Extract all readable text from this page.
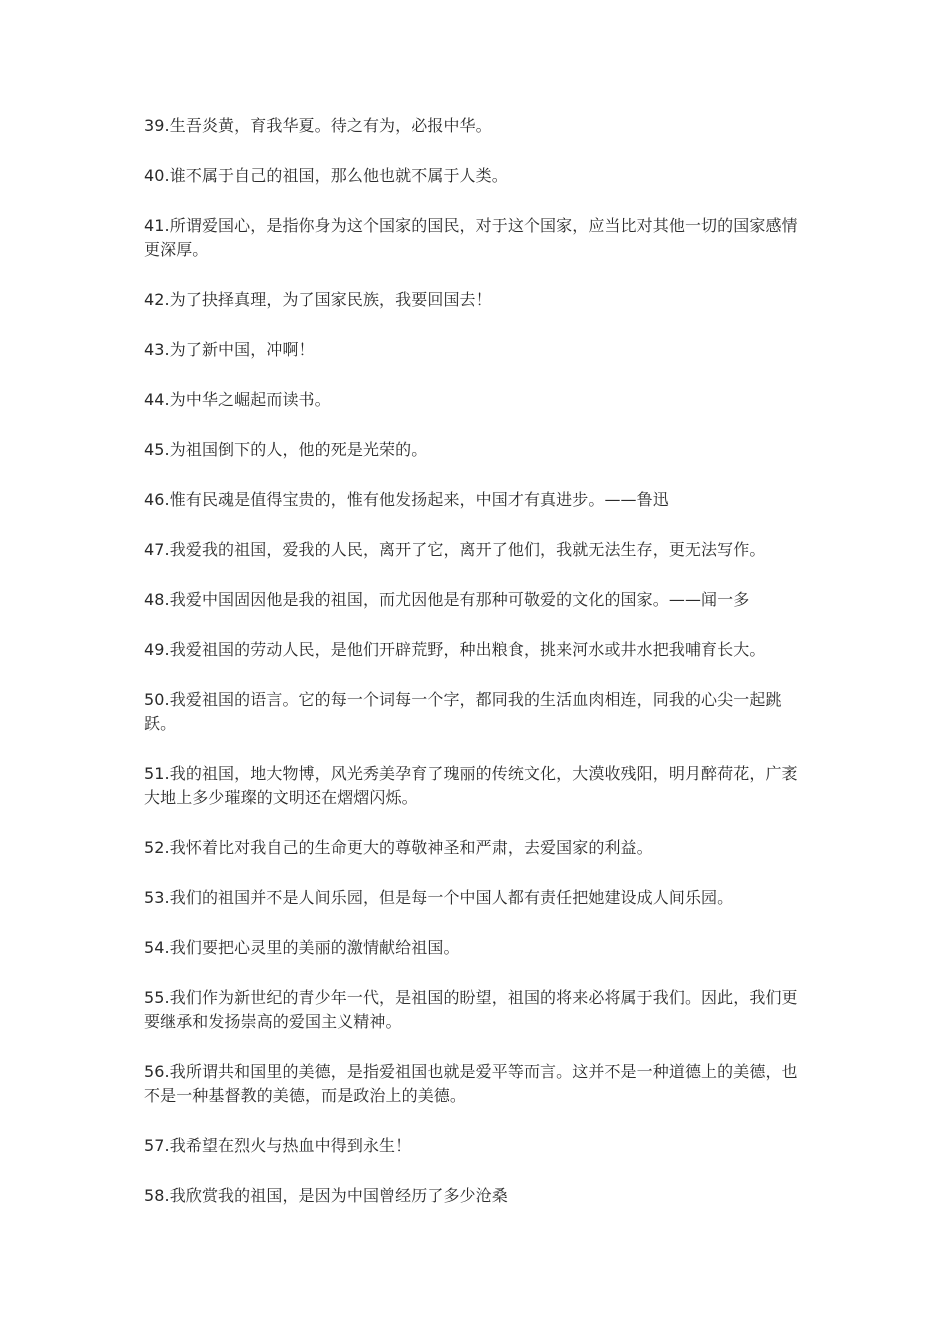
39.生吾炎黄，育我华夏。待之有为，必报中华。

40.谁不属于自己的祖国，那么他也就不属于人类。

41.所谓爱国心，是指你身为这个国家的国民，对于这个国家，应当比对其他一切的国家感情更深厚。

42.为了抉择真理，为了国家民族，我要回国去！

43.为了新中国，冲啊！

44.为中华之崛起而读书。

45.为祖国倒下的人，他的死是光荣的。

46.惟有民魂是值得宝贵的，惟有他发扬起来，中国才有真进步。——鲁迅

47.我爱我的祖国，爱我的人民，离开了它，离开了他们，我就无法生存，更无法写作。

48.我爱中国固因他是我的祖国，而尤因他是有那种可敬爱的文化的国家。——闻一多

49.我爱祖国的劳动人民，是他们开辟荒野，种出粮食，挑来河水或井水把我哺育长大。

50.我爱祖国的语言。它的每一个词每一个字，都同我的生活血肉相连，同我的心尖一起跳跃。

51.我的祖国，地大物博，风光秀美孕育了瑰丽的传统文化，大漠收残阳，明月醉荷花，广袤大地上多少璀璨的文明还在熠熠闪烁。

52.我怀着比对我自己的生命更大的尊敬神圣和严肃，去爱国家的利益。

53.我们的祖国并不是人间乐园，但是每一个中国人都有责任把她建设成人间乐园。

54.我们要把心灵里的美丽的激情献给祖国。

55.我们作为新世纪的青少年一代，是祖国的盼望，祖国的将来必将属于我们。因此，我们更要继承和发扬崇高的爱国主义精神。

56.我所谓共和国里的美德，是指爱祖国也就是爱平等而言。这并不是一种道德上的美德，也不是一种基督教的美德，而是政治上的美德。

57.我希望在烈火与热血中得到永生！

58.我欣赏我的祖国，是因为中国曾经历了多少沧桑
